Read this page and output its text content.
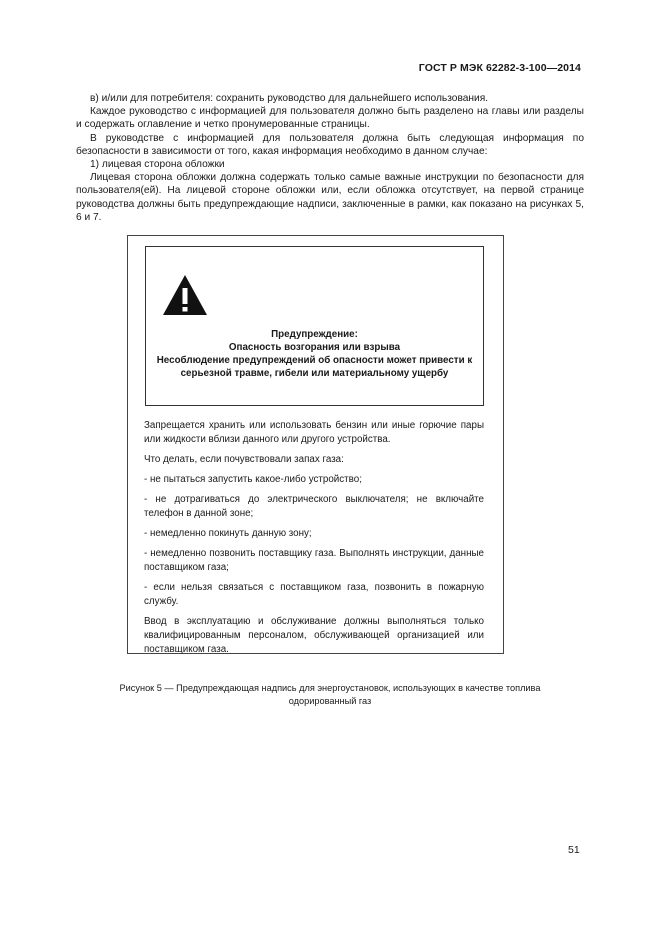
ГОСТ Р МЭК 62282-3-100—2014

в) и/или для потребителя: сохранить руководство для дальнейшего использования.

Каждое руководство с информацией для пользователя должно быть разделено на главы или разделы и содержать оглавление и четко пронумерованные страницы.

В руководстве с информацией для пользователя должна быть следующая информация по безопасности в зависимости от того, какая информация необходимо в данном случае:

1) лицевая сторона обложки

Лицевая сторона обложки должна содержать только самые важные инструкции по безопасности для пользователя(ей). На лицевой стороне обложки или, если обложка отсутствует, на первой странице руководства должны быть предупреждающие надписи, заключенные в рамки, как показано на рисунках 5, 6 и 7.

Предупреждение:
Опасность возгорания или взрыва
Несоблюдение предупреждений об опасности может привести к серьезной травме, гибели или материальному ущербу

Запрещается хранить или использовать бензин или иные горючие пары или жидкости вблизи данного или другого устройства.

Что делать, если почувствовали запах газа:

- не пытаться запустить какое-либо устройство;

- не дотрагиваться до электрического выключателя; не включайте телефон в данной зоне;

- немедленно покинуть данную зону;

- немедленно позвонить поставщику газа. Выполнять инструкции, данные поставщиком газа;

- если нельзя связаться с поставщиком газа, позвонить в пожарную службу.

Ввод в эксплуатацию и обслуживание должны выполняться только квалифицированным персоналом, обслуживающей организацией или поставщиком газа.

Рисунок 5 — Предупреждающая надпись для энергоустановок, использующих в качестве топлива
одорированный газ
51
